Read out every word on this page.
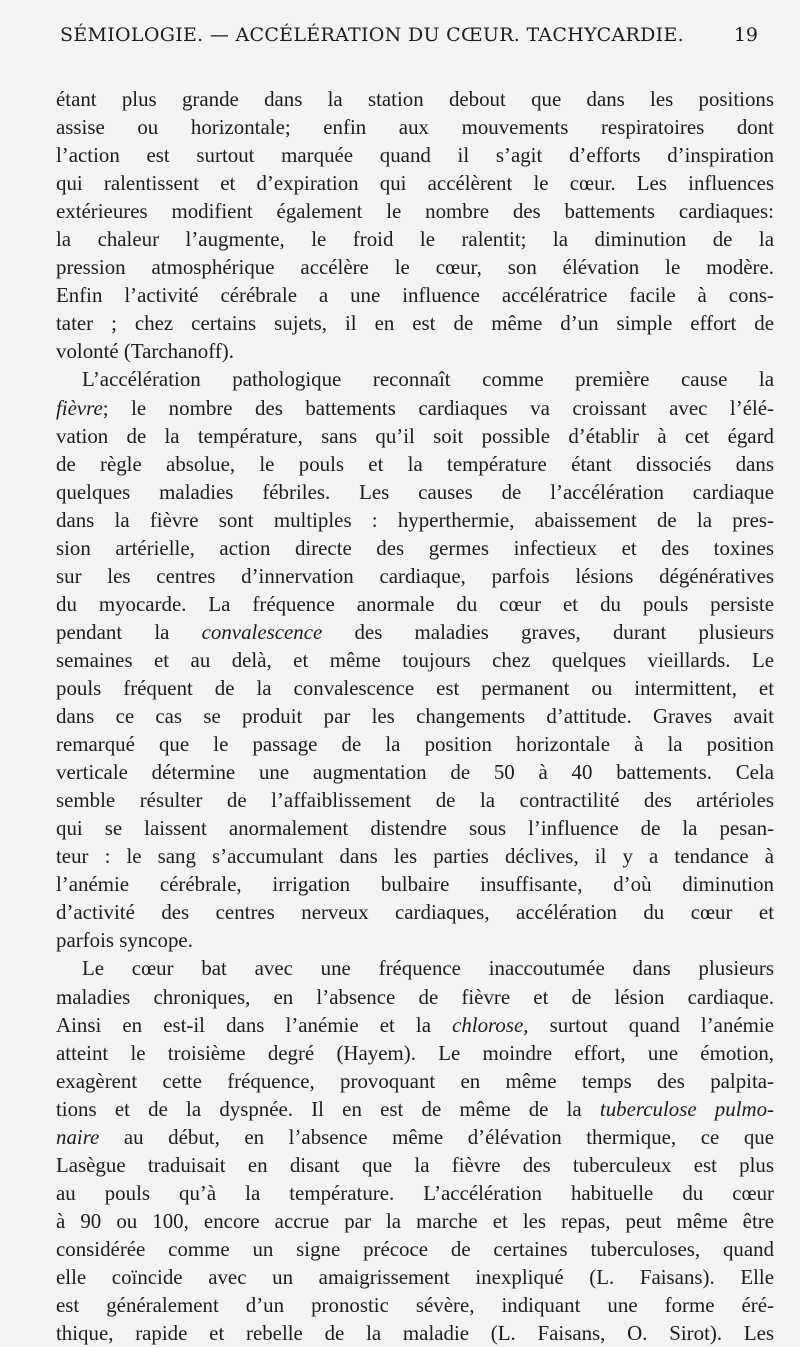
SÉMIOLOGIE. — ACCÉLÉRATION DU CŒUR. TACHYCARDIE.	19

étant plus grande dans la station debout que dans les positions

assise ou horizontale; enfin aux mouvements respiratoires dont

l’action est surtout marquée quand il s’agit d’efforts d’inspiration

qui ralentissent et d’expiration qui accélèrent le cœur. Les influences

extérieures modifient également le nombre des battements cardiaques:

la chaleur l’augmente, le froid le ralentit; la diminution de la

pression atmosphérique accélère le cœur, son élévation le modère.

Enfin l’activité cérébrale a une influence accélératrice facile à cons-

tater ; chez certains sujets, il en est de même d’un simple effort de

volonté (Tarchanoff).

L’accélération pathologique reconnaît comme première cause la

fièvre; le nombre des battements cardiaques va croissant avec l’élé-

vation de la température, sans qu’il soit possible d’établir à cet égard

de règle absolue, le pouls et la température étant dissociés dans

quelques maladies fébriles. Les causes de l’accélération cardiaque

dans la fièvre sont multiples : hyperthermie, abaissement de la pres-

sion artérielle, action directe des germes infectieux et des toxines

sur les centres d’innervation cardiaque, parfois lésions dégénératives

du myocarde. La fréquence anormale du cœur et du pouls persiste

pendant la convalescence des maladies graves, durant plusieurs

semaines et au delà, et même toujours chez quelques vieillards. Le

pouls fréquent de la convalescence est permanent ou intermittent, et

dans ce cas se produit par les changements d’attitude. Graves avait

remarqué que le passage de la position horizontale à la position

verticale détermine une augmentation de 50 à 40 battements. Cela

semble résulter de l’affaiblissement de la contractilité des artérioles

qui se laissent anormalement distendre sous l’influence de la pesan-

teur : le sang s’accumulant dans les parties déclives, il y a tendance à

l’anémie cérébrale, irrigation bulbaire insuffisante, d’où diminution

d’activité des centres nerveux cardiaques, accélération du cœur et

parfois syncope.

Le cœur bat avec une fréquence inaccoutumée dans plusieurs

maladies chroniques, en l’absence de fièvre et de lésion cardiaque.

Ainsi en est-il dans l’anémie et la chlorose, surtout quand l’anémie

atteint le troisième degré (Hayem). Le moindre effort, une émotion,

exagèrent cette fréquence, provoquant en même temps des palpita-

tions et de la dyspnée. Il en est de même de la tuberculose pulmo-

naire au début, en l’absence même d’élévation thermique, ce que

Lasègue traduisait en disant que la fièvre des tuberculeux est plus

au pouls qu’à la température. L’accélération habituelle du cœur

à 90 ou 100, encore accrue par la marche et les repas, peut même être

considérée comme un signe précoce de certaines tuberculoses, quand

elle coïncide avec un amaigrissement inexpliqué (L. Faisans). Elle

est généralement d’un pronostic sévère, indiquant une forme éré-

thique, rapide et rebelle de la maladie (L. Faisans, O. Sirot). Les
